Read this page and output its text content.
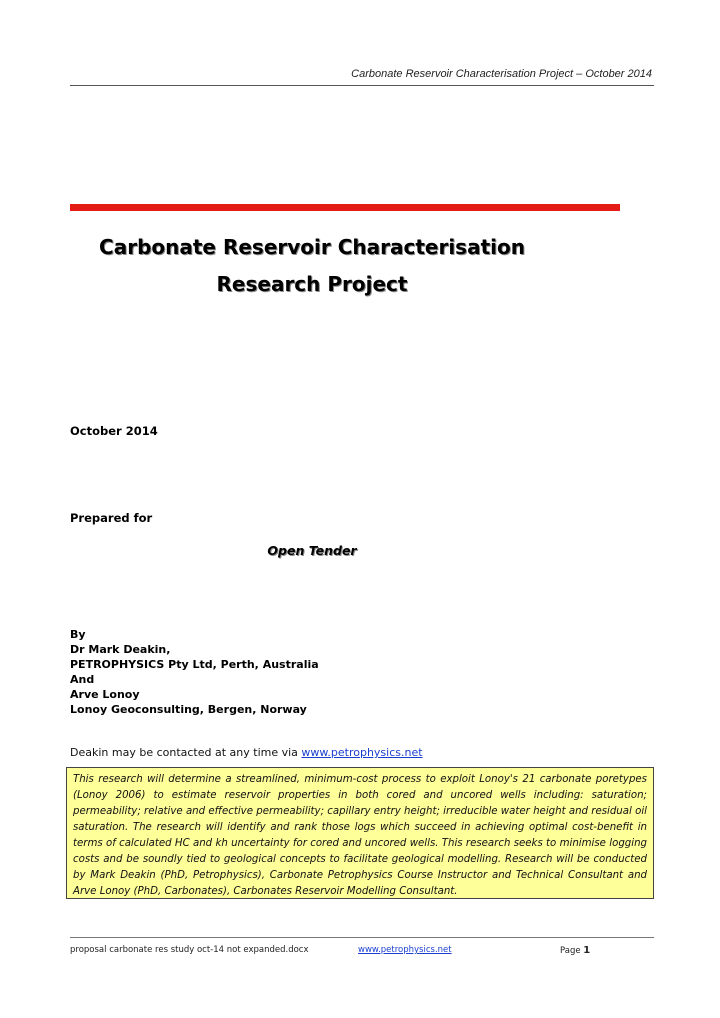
Carbonate Reservoir Characterisation Project – October 2014
Carbonate Reservoir Characterisation
Research Project
October 2014
Prepared for
Open Tender
By
Dr Mark Deakin,
PETROPHYSICS Pty Ltd, Perth, Australia
And
Arve Lonoy
Lonoy Geoconsulting, Bergen, Norway
Deakin may be contacted at any time via www.petrophysics.net
This research will determine a streamlined, minimum-cost process to exploit Lonoy's 21 carbonate poretypes (Lonoy 2006) to estimate reservoir properties in both cored and uncored wells including: saturation; permeability; relative and effective permeability; capillary entry height; irreducible water height and residual oil saturation. The research will identify and rank those logs which succeed in achieving optimal cost-benefit in terms of calculated HC and kh uncertainty for cored and uncored wells. This research seeks to minimise logging costs and be soundly tied to geological concepts to facilitate geological modelling. Research will be conducted by Mark Deakin (PhD, Petrophysics), Carbonate Petrophysics Course Instructor and Technical Consultant and Arve Lonoy (PhD, Carbonates), Carbonates Reservoir Modelling Consultant.
proposal carbonate res study oct-14 not expanded.docx	www.petrophysics.net	Page 1
